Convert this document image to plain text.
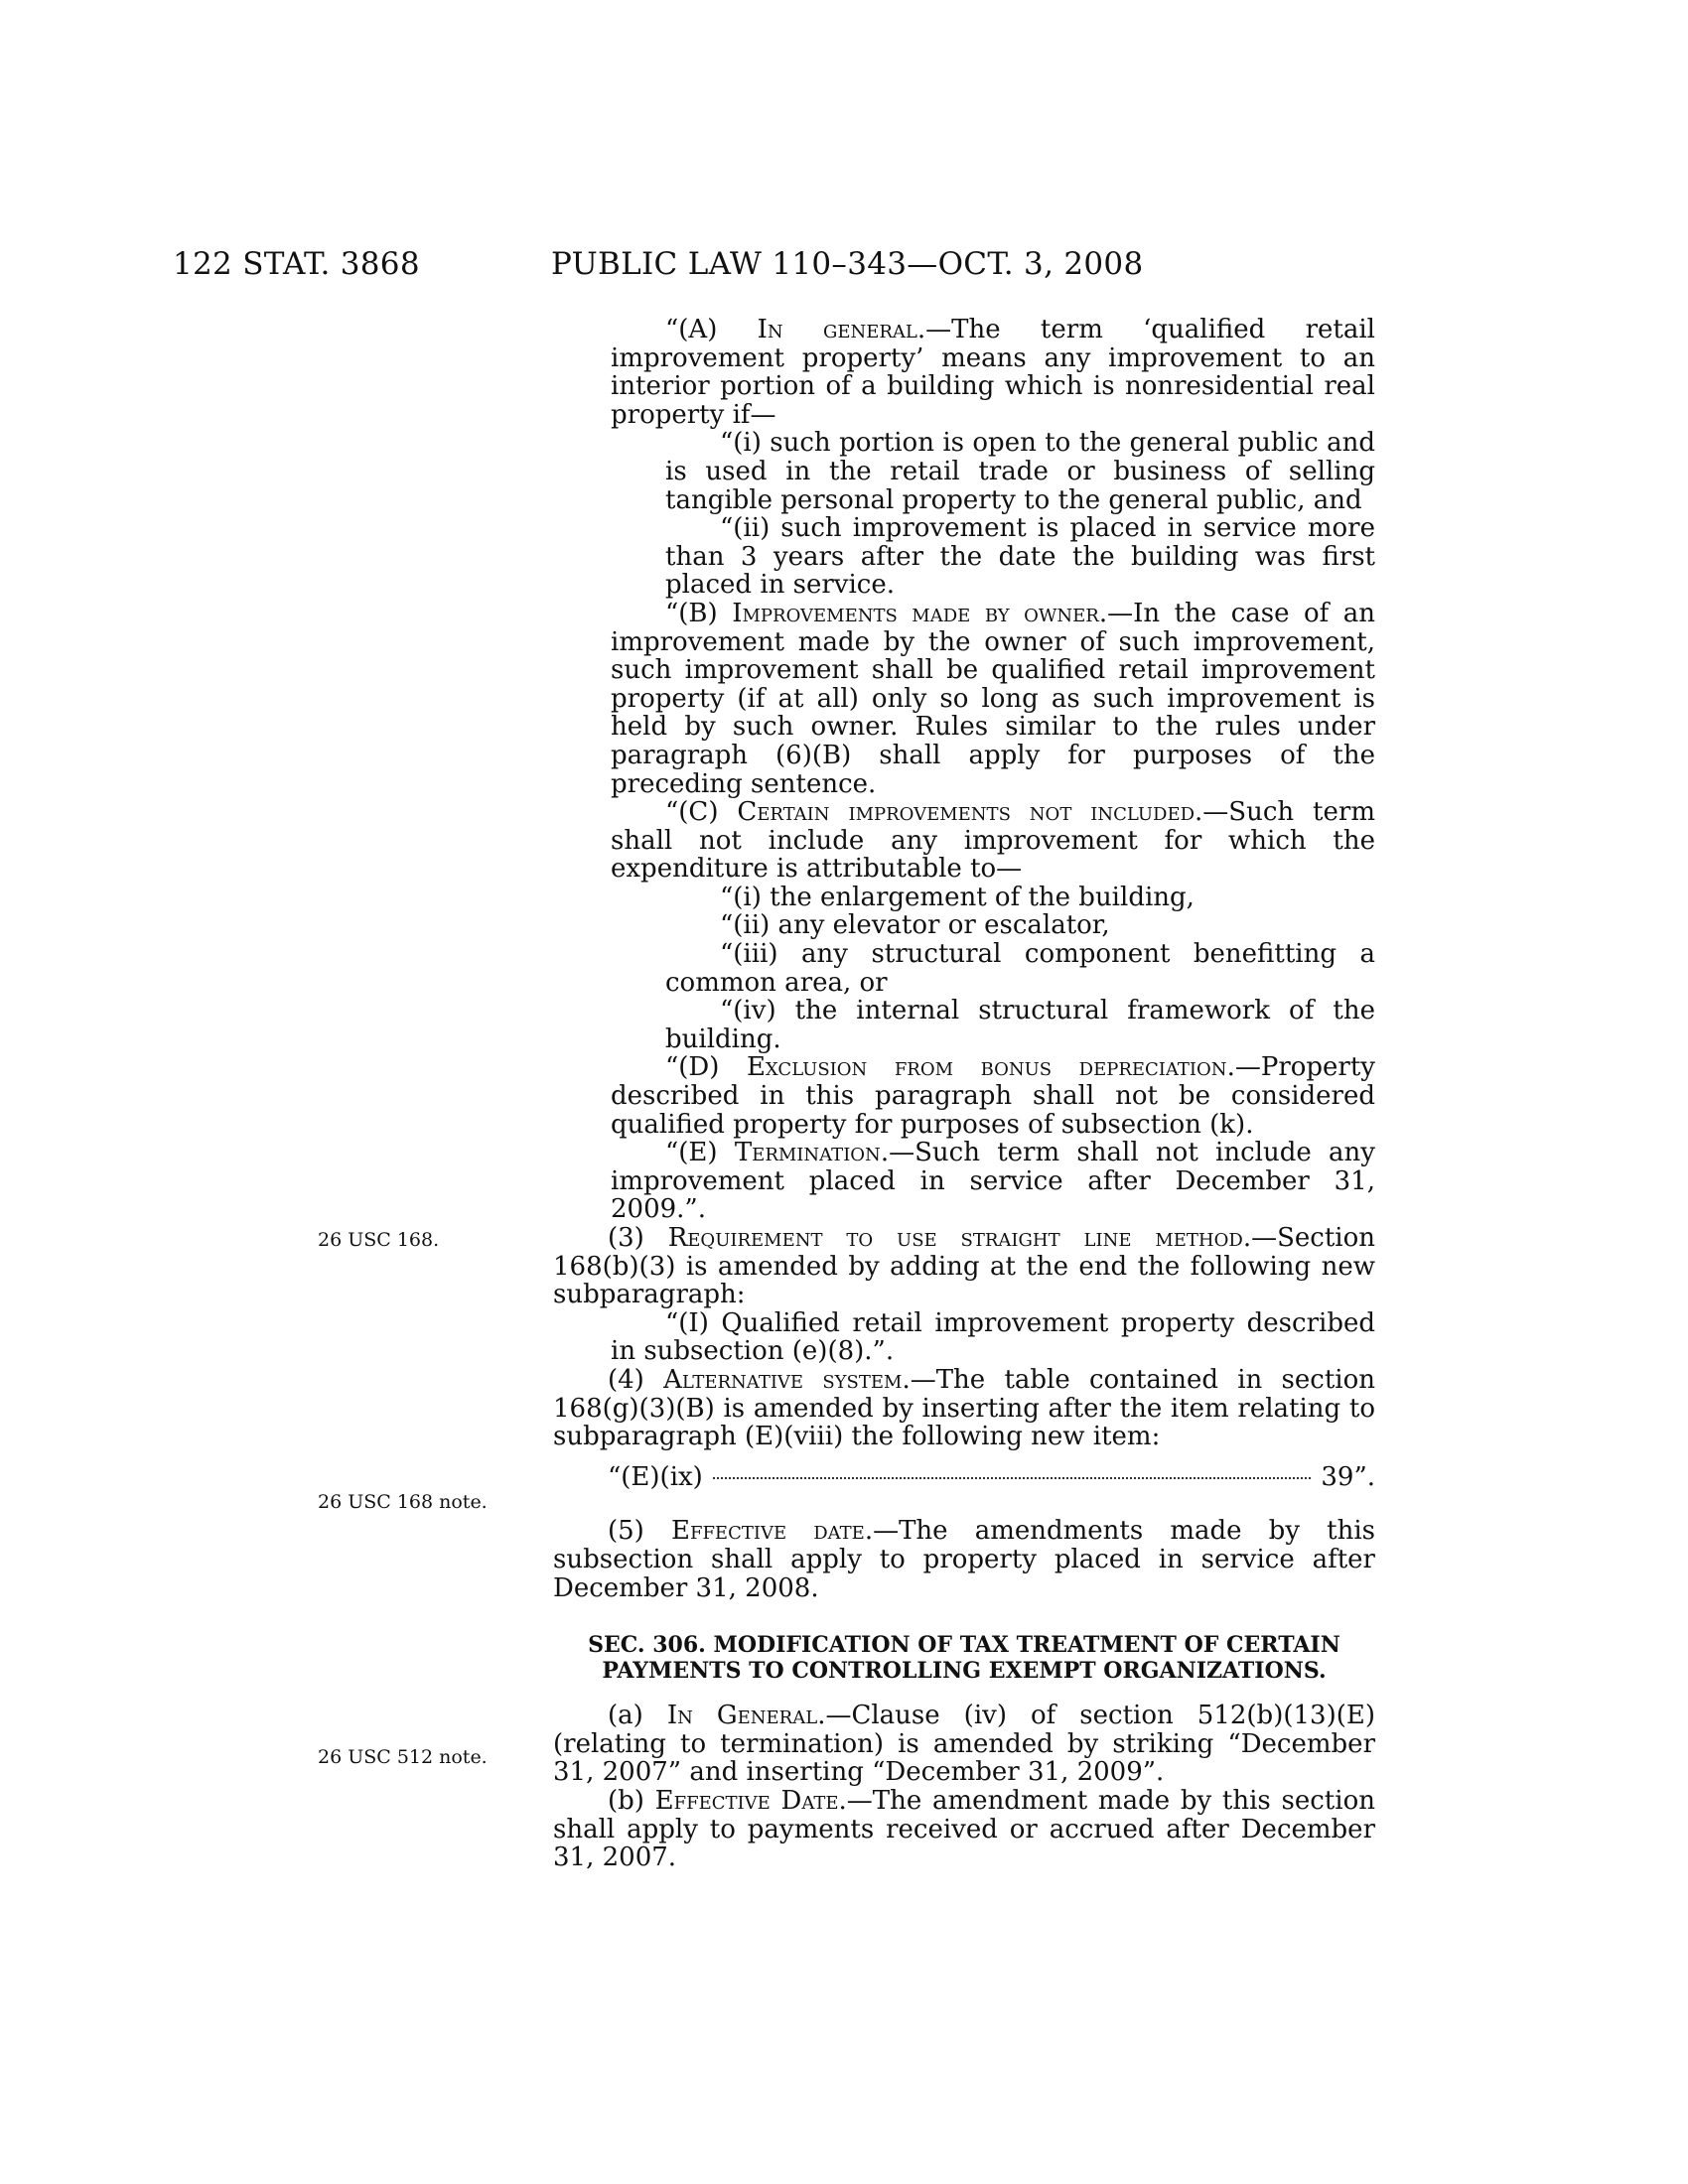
122 STAT. 3868	PUBLIC LAW 110–343—OCT. 3, 2008
26 USC 168.
26 USC 168 note.
26 USC 512 note.

“(A) In general.—The term ‘qualified retail improvement property’ means any improvement to an interior portion of a building which is nonresidential real property if—

“(i) such portion is open to the general public and is used in the retail trade or business of selling tangible personal property to the general public, and

“(ii) such improvement is placed in service more than 3 years after the date the building was first placed in service.

“(B) Improvements made by owner.—In the case of an improvement made by the owner of such improvement, such improvement shall be qualified retail improvement property (if at all) only so long as such improvement is held by such owner. Rules similar to the rules under paragraph (6)(B) shall apply for purposes of the preceding sentence.

“(C) Certain improvements not included.—Such term shall not include any improvement for which the expenditure is attributable to—

“(i) the enlargement of the building,

“(ii) any elevator or escalator,

“(iii) any structural component benefitting a common area, or

“(iv) the internal structural framework of the building.

“(D) Exclusion from bonus depreciation.—Property described in this paragraph shall not be considered qualified property for purposes of subsection (k).

“(E) Termination.—Such term shall not include any improvement placed in service after December 31, 2009.”.

(3) Requirement to use straight line method.—Section 168(b)(3) is amended by adding at the end the following new subparagraph:

“(I) Qualified retail improvement property described in subsection (e)(8).”.

(4) Alternative system.—The table contained in section 168(g)(3)(B) is amended by inserting after the item relating to subparagraph (E)(viii) the following new item:

“(E)(ix)	39”.

(5) Effective date.—The amendments made by this subsection shall apply to property placed in service after December 31, 2008.

SEC. 306. MODIFICATION OF TAX TREATMENT OF CERTAIN PAYMENTS TO CONTROLLING EXEMPT ORGANIZATIONS.

(a) In General.—Clause (iv) of section 512(b)(13)(E) (relating to termination) is amended by striking “December 31, 2007” and inserting “December 31, 2009”.

(b) Effective Date.—The amendment made by this section shall apply to payments received or accrued after December 31, 2007.
